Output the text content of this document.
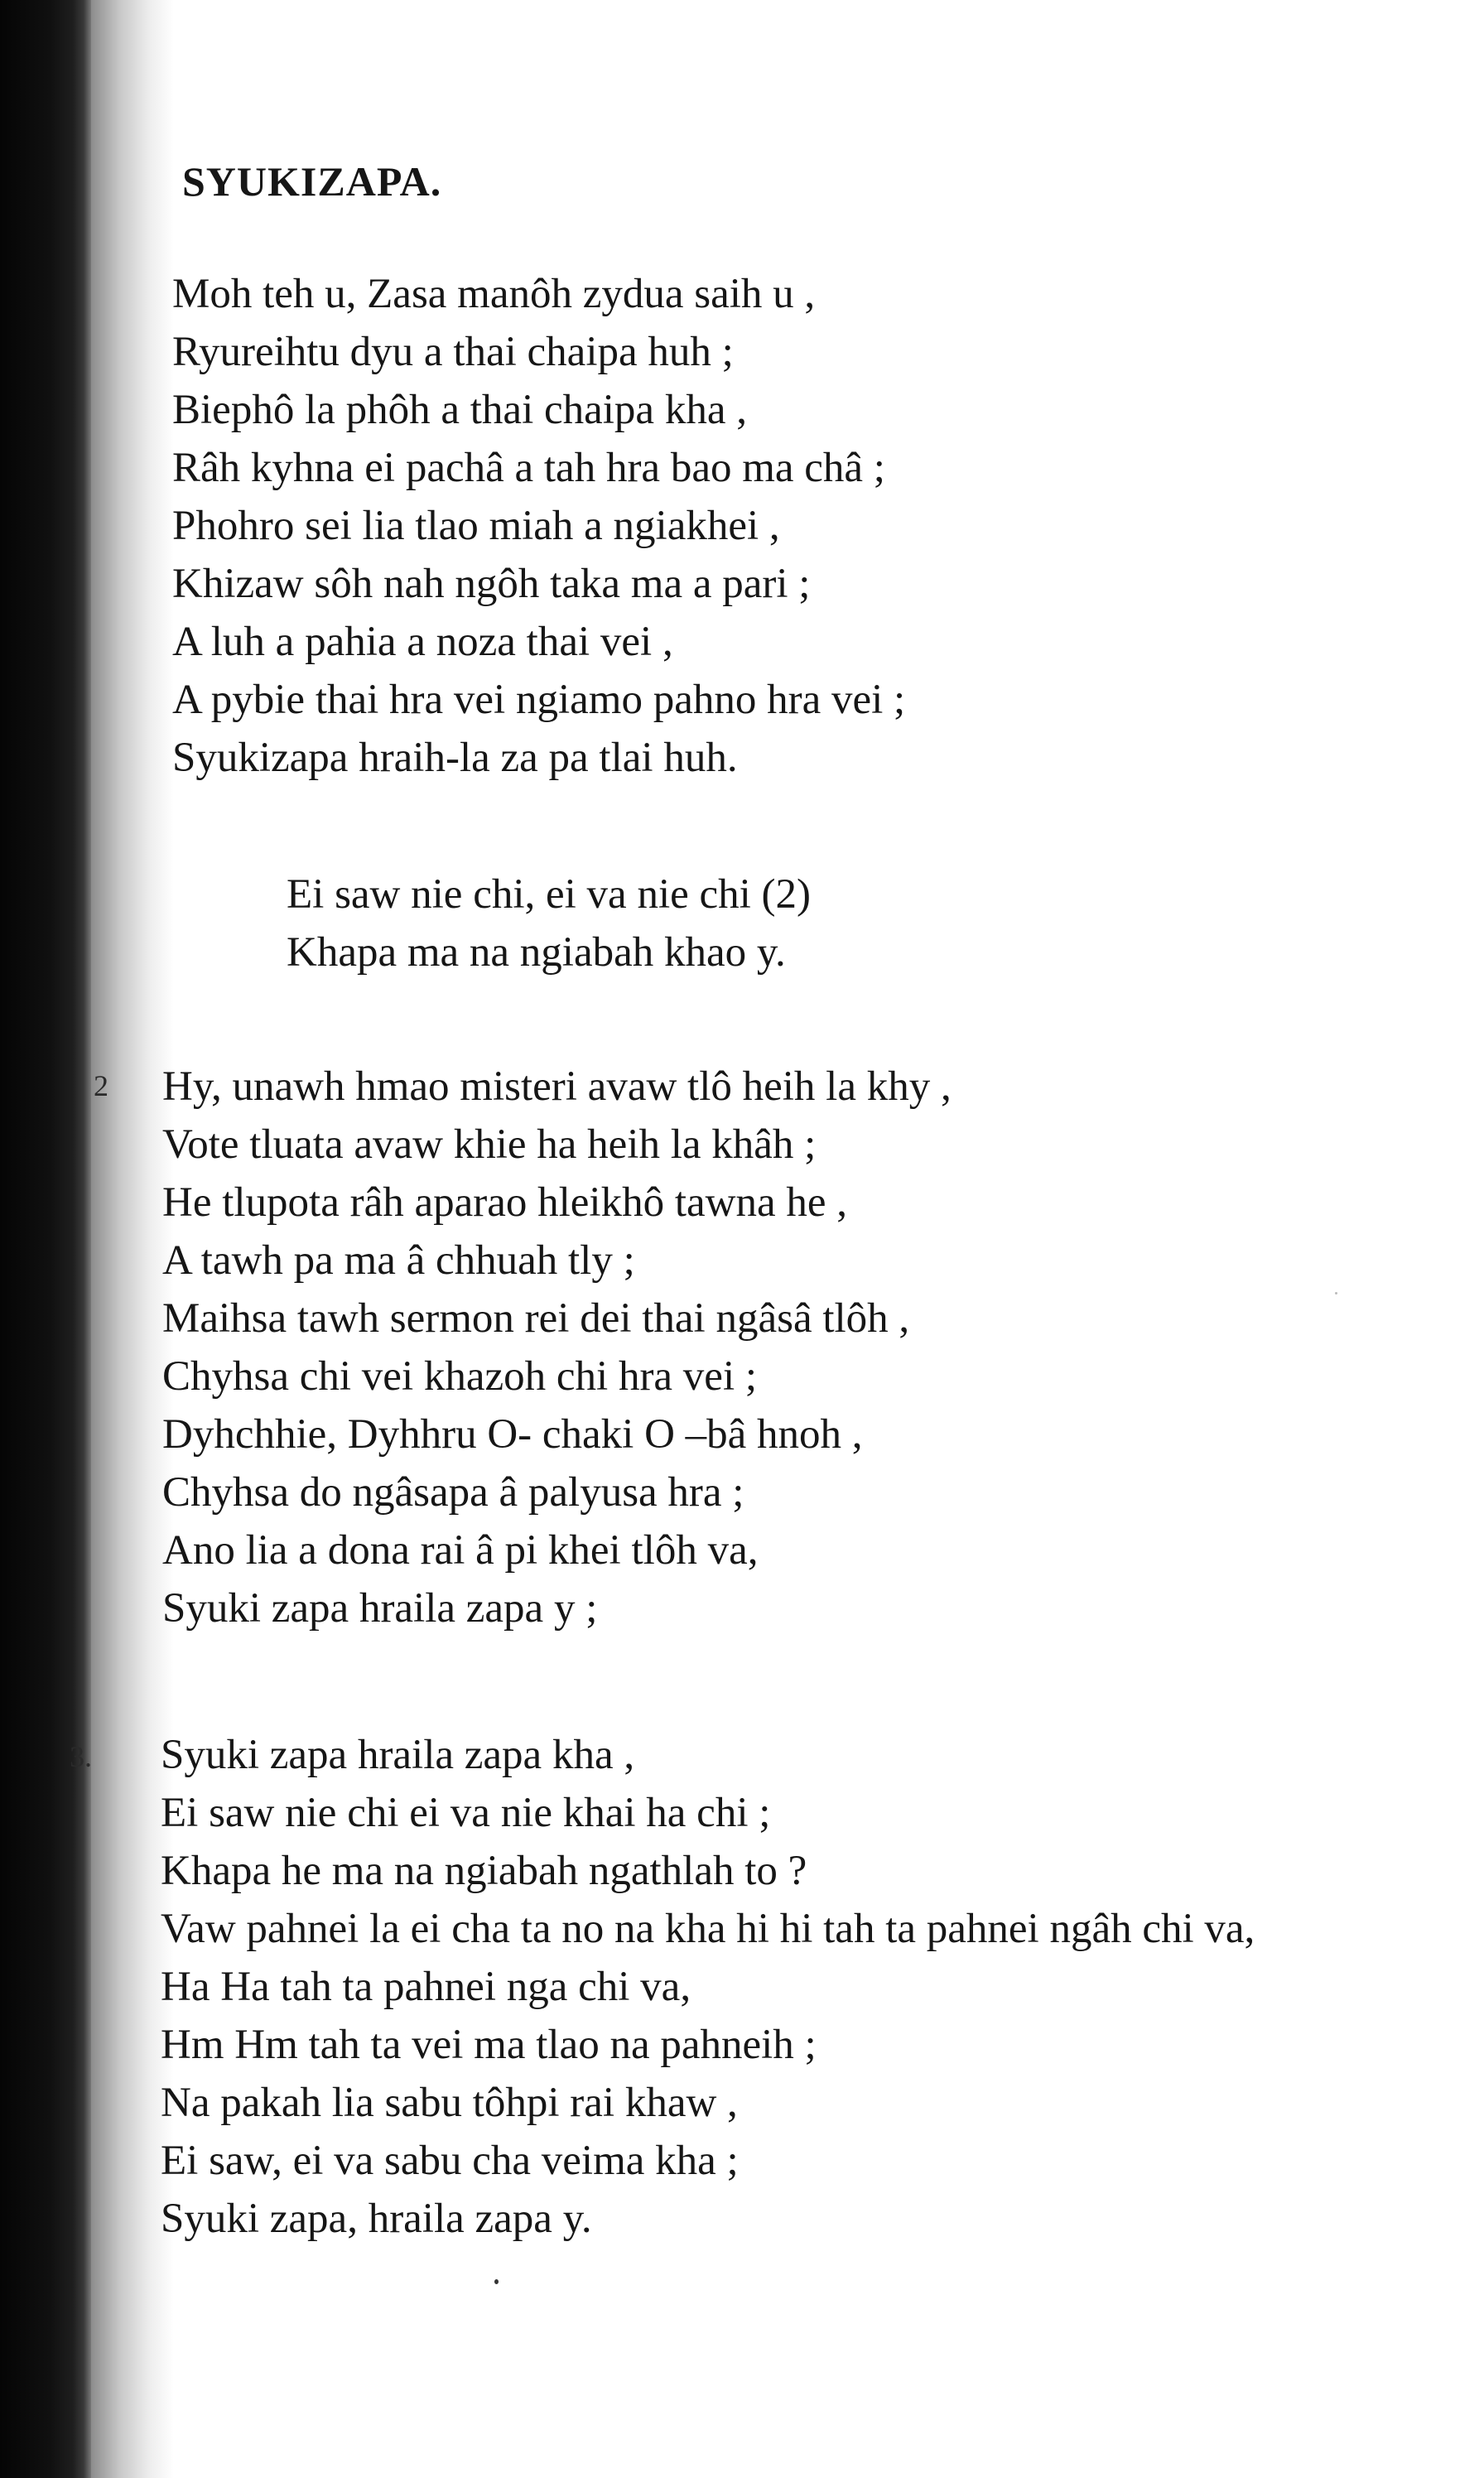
SYUKIZAPA.
Moh teh u, Zasa manôh zydua saih u ,
Ryureihtu dyu a thai chaipa huh ;
Biephô la phôh a thai chaipa kha ,
Râh kyhna ei pachâ a tah hra bao ma châ ;
Phohro sei lia tlao miah a ngiakhei ,
Khizaw sôh nah ngôh taka ma a pari ;
A luh a pahia a noza thai vei ,
A pybie thai hra vei ngiamo pahno hra vei ;
Syukizapa hraih-la za pa tlai huh.
Ei saw nie chi, ei va nie chi (2)
Khapa ma na ngiabah khao y.
2 Hy, unawh hmao misteri avaw tlô heih la khy ,
Vote tluata avaw khie ha heih la khâh ;
He tlupota râh aparao hleikhô tawna he ,
A tawh pa ma â chhuah tly ;
Maihsa tawh sermon rei dei thai ngâsâ tlôh ,
Chyhsa chi vei khazoh chi hra vei ;
Dyhchhie, Dyhhru O- chaki O –bâ hnoh ,
Chyhsa do ngâsapa â palyusa hra ;
Ano lia a dona rai â pi khei tlôh va,
Syuki zapa hraila zapa y ;
3. Syuki zapa hraila zapa kha ,
Ei saw nie chi ei va nie khai ha chi ;
Khapa he ma na ngiabah ngathlah to ?
Vaw pahnei la ei cha ta no na kha hi hi tah ta pahnei ngâh chi va,
Ha Ha tah ta pahnei nga chi va,
Hm Hm tah ta vei ma tlao na pahneih ;
Na pakah lia sabu tôhpi rai khaw ,
Ei saw, ei va sabu cha veima kha ;
Syuki zapa, hraila zapa y.
